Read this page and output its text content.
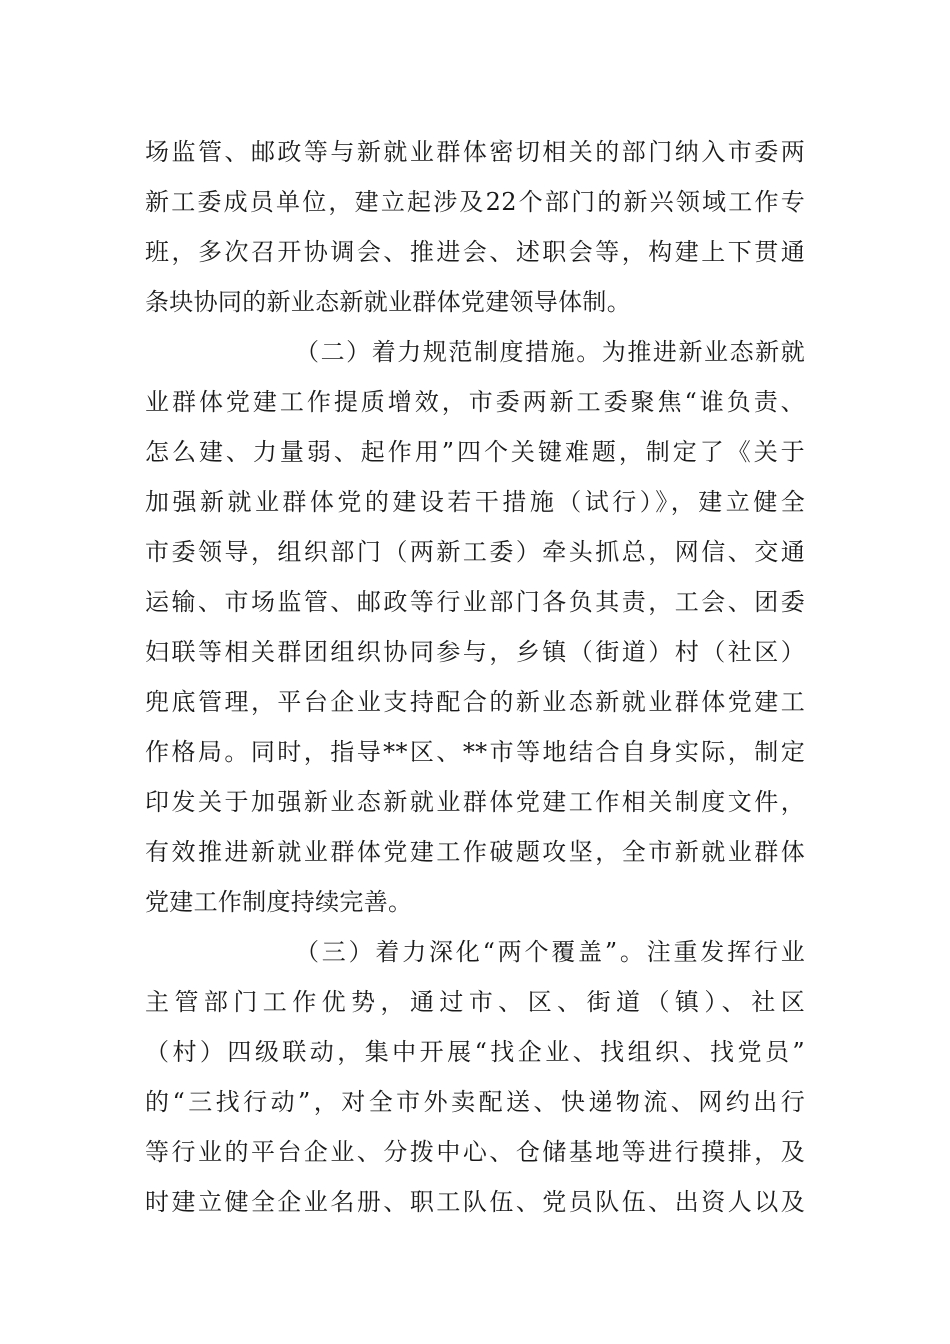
场监管、邮政等与新就业群体密切相关的部门纳入市委两
新工委成员单位，建立起涉及22个部门的新兴领域工作专
班，多次召开协调会、推进会、述职会等，构建上下贯通
条块协同的新业态新就业群体党建领导体制。
（二）着力规范制度措施。为推进新业态新就
业群体党建工作提质增效，市委两新工委聚焦“谁负责、
怎么建、力量弱、起作用”四个关键难题，制定了《关于
加强新就业群体党的建设若干措施（试行）》，建立健全
市委领导，组织部门（两新工委）牵头抓总，网信、交通
运输、市场监管、邮政等行业部门各负其责，工会、团委
妇联等相关群团组织协同参与，乡镇（街道）村（社区）
兜底管理，平台企业支持配合的新业态新就业群体党建工
作格局。同时，指导**区、**市等地结合自身实际，制定
印发关于加强新业态新就业群体党建工作相关制度文件，
有效推进新就业群体党建工作破题攻坚，全市新就业群体
党建工作制度持续完善。
（三）着力深化“两个覆盖”。注重发挥行业
主管部门工作优势，通过市、区、街道（镇）、社区
（村）四级联动，集中开展“找企业、找组织、找党员”
的“三找行动”，对全市外卖配送、快递物流、网约出行
等行业的平台企业、分拨中心、仓储基地等进行摸排，及
时建立健全企业名册、职工队伍、党员队伍、出资人以及
